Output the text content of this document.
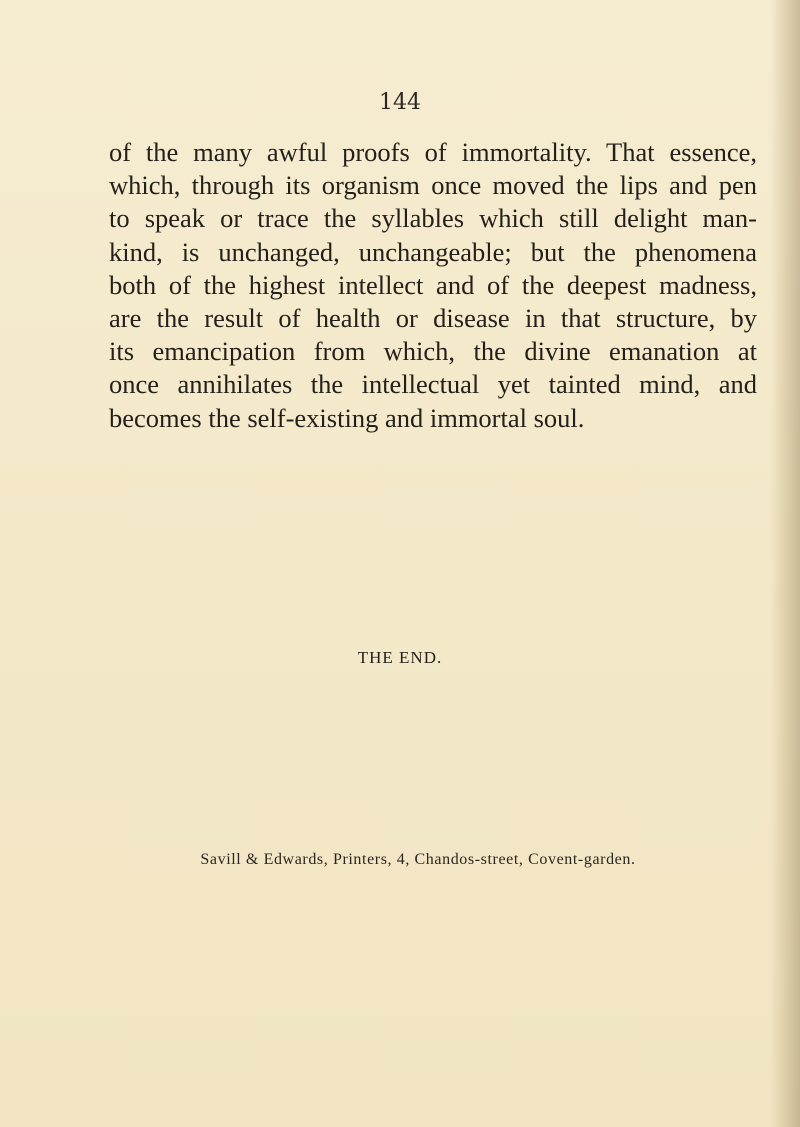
144
of the many awful proofs of immortality. That essence,
which, through its organism once moved the lips and pen
to speak or trace the syllables which still delight man-
kind, is unchanged, unchangeable; but the phenomena
both of the highest intellect and of the deepest madness,
are the result of health or disease in that structure, by
its emancipation from which, the divine emanation at
once annihilates the intellectual yet tainted mind, and
becomes the self-existing and immortal soul.
THE END.
Savill & Edwards, Printers, 4, Chandos-street, Covent-garden.
